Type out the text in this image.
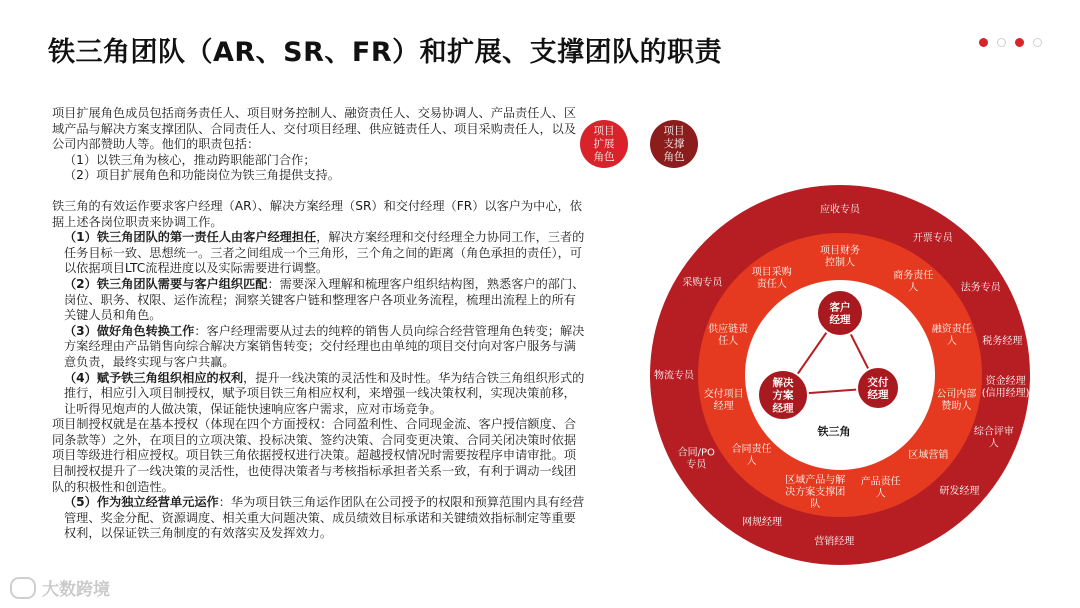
铁三角团队（AR、SR、FR）和扩展、支撑团队的职责

项目扩展角色成员包括商务责任人、项目财务控制人、融资责任人、交易协调人、产品责任人、区域产品与解决方案支撑团队、合同责任人、交付项目经理、供应链责任人、项目采购责任人，以及公司内部赞助人等。他们的职责包括：

（1）以铁三角为核心，推动跨职能部门合作；

（2）项目扩展角色和功能岗位为铁三角提供支持。

铁三角的有效运作要求客户经理（AR）、解决方案经理（SR）和交付经理（FR）以客户为中心，依据上述各岗位职责来协调工作。

（1）铁三角团队的第一责任人由客户经理担任，解决方案经理和交付经理全力协同工作，三者的任务目标一致、思想统一。三者之间组成一个三角形，三个角之间的距离（角色承担的责任），可以依据项目LTC流程进度以及实际需要进行调整。

（2）铁三角团队需要与客户组织匹配：需要深入理解和梳理客户组织结构图，熟悉客户的部门、岗位、职务、权限、运作流程；洞察关键客户链和整理客户各项业务流程，梳理出流程上的所有关键人员和角色。

（3）做好角色转换工作：客户经理需要从过去的纯粹的销售人员向综合经营管理角色转变；解决方案经理由产品销售向综合解决方案销售转变；交付经理也由单纯的项目交付向对客户服务与满意负责，最终实现与客户共赢。

（4）赋予铁三角组织相应的权利，提升一线决策的灵活性和及时性。华为结合铁三角组织形式的推行，相应引入项目制授权，赋予项目铁三角相应权利，来增强一线决策权利，实现决策前移，让听得见炮声的人做决策，保证能快速响应客户需求，应对市场竞争。

项目制授权就是在基本授权（体现在四个方面授权：合同盈利性、合同现金流、客户授信额度、合同条款等）之外，在项目的立项决策、投标决策、签约决策、合同变更决策、合同关闭决策时依据项目等级进行相应授权。项目铁三角依据授权进行决策。超越授权情况时需要按程序申请审批。项目制授权提升了一线决策的灵活性，也使得决策者与考核指标承担者关系一致，有利于调动一线团队的积极性和创造性。

（5）作为独立经营单元运作：华为项目铁三角运作团队在公司授予的权限和预算范围内具有经营管理、奖金分配、资源调度、相关重大问题决策、成员绩效目标承诺和关键绩效指标制定等重要权利，以保证铁三角制度的有效落实及发挥效力。

项目
扩展
角色
项目
支撑
角色
应收专员
开票专员
法务专员
税务经理
资金经理(信用经理)
综合评审人
研发经理
营销经理
网规经理
合同/PO 专员
物流专员
采购专员
项目财务控制人
商务责任人
融资责任人
公司内部赞助人
区域营销
产品责任人
区域产品与解决方案支撑团队
合同责任人
交付项目经理
供应链责任人
项目采购责任人
客户经理
解决方案经理
交付经理
铁三角
大数跨境
